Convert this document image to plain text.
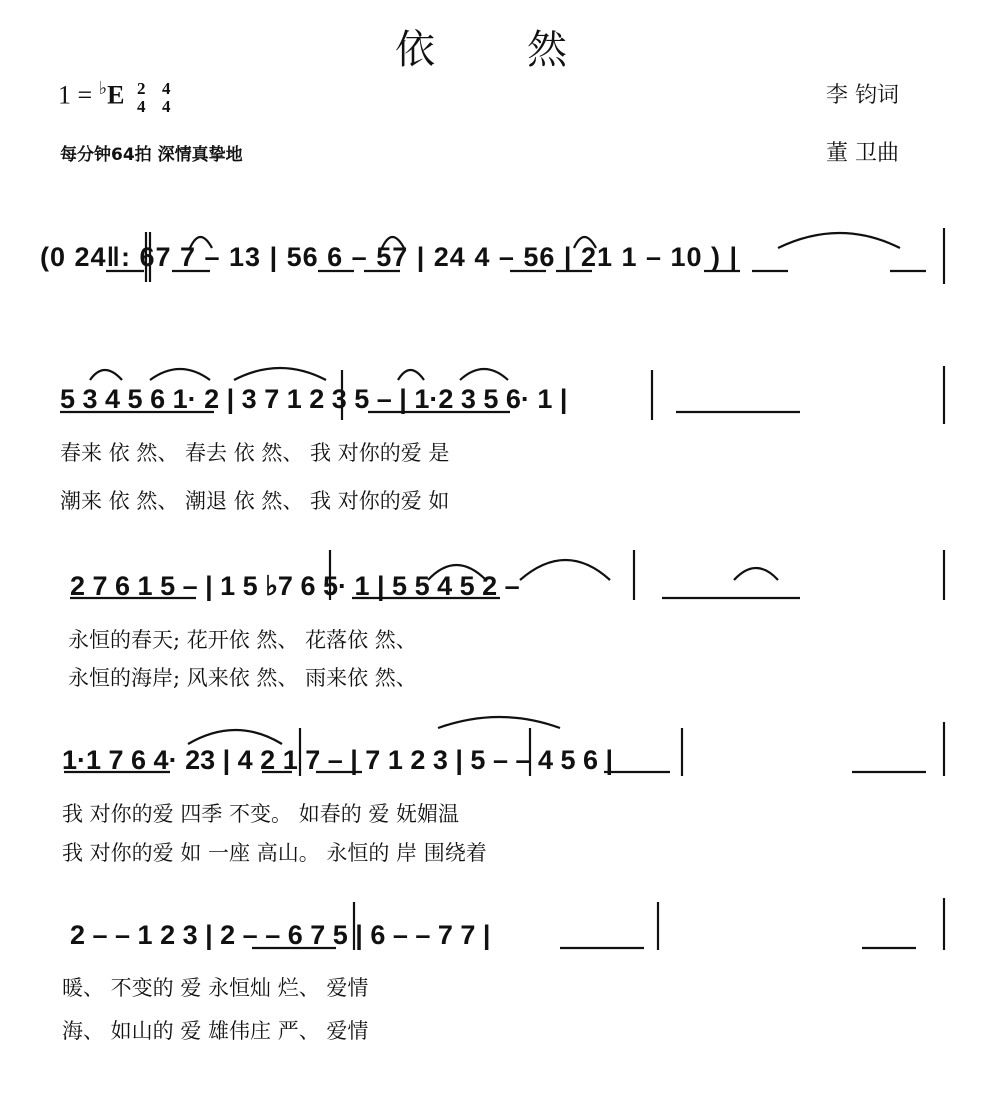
依 然
1 = ♭E 2
4 4
4
每分钟64拍 深情真挚地
李 钧词
董 卫曲
(0 24‖: 67 7 – 13 | 56 6 – 57 | 24 4 – 56 | 21 1 – 10 ) |
5 3 4 5 6 1· 2 | 3 7 1 2 3 5 – | 1·2 3 5 6· 1 |
春来 依 然、 春去 依 然、 我 对你的爱 是
潮来 依 然、 潮退 依 然、 我 对你的爱 如
2 7 6 1 5 – | 1 5 ♭7 6 5· 1 | 5 5 4 5 2 –
永恒的春天; 花开依 然、 花落依 然、
永恒的海岸; 风来依 然、 雨来依 然、
1·1 7 6 4· 23 | 4 2 1 7 – | 7 1 2 3 | 5 – – 4 5 6 |
我 对你的爱 四季 不变。 如春的 爱 妩媚温
我 对你的爱 如 一座 高山。 永恒的 岸 围绕着
2 – – 1 2 3 | 2 – – 6 7 5 | 6 – – 7 7 |
暖、 不变的 爱 永恒灿 烂、 爱情
海、 如山的 爱 雄伟庄 严、 爱情
